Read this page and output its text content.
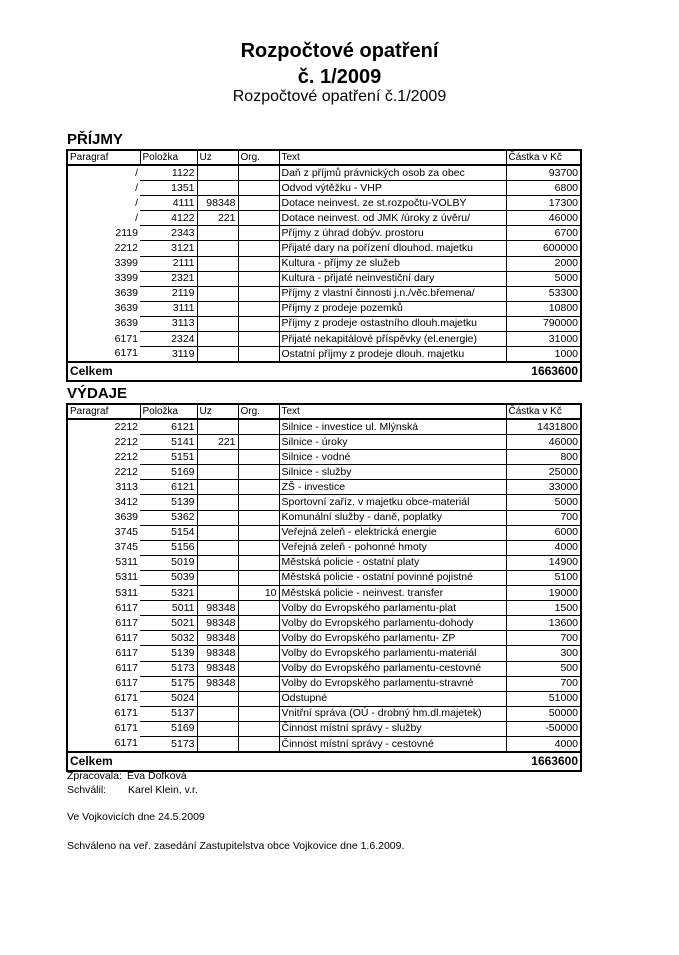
Rozpočtové opatření
č. 1/2009
Rozpočtové opatření č.1/2009
PŘÍJMY
Paragraf	Položka	Uz	Org.	Text	Částka v Kč
/	1122			Daň z příjmů právnických osob za obec	93700
/	1351			Odvod výtěžku - VHP	6800
/	4111	98348		Dotace neinvest. ze st.rozpočtu-VOLBY	17300
/	4122	221		Dotace neinvest. od JMK /úroky z úvěru/	46000
2119	2343			Příjmy z úhrad dobýv. prostoru	6700
2212	3121			Přijaté dary na pořízení dlouhod. majetku	600000
3399	2111			Kultura - příjmy ze služeb	2000
3399	2321			Kultura - přijaté neinvestiční dary	5000
3639	2119			Příjmy z vlastní činnosti j.n./věc.břemena/	53300
3639	3111			Příjmy z prodeje pozemků	10800
3639	3113			Příjmy z prodeje ostastního dlouh.majetku	790000
6171	2324			Přijaté nekapitálové příspěvky (el.energie)	31000
6171	3119			Ostatní příjmy z prodeje dlouh. majetku	1000
Celkem					1663600
VÝDAJE
Paragraf	Položka	Uz	Org.	Text	Částka v Kč
2212	6121			Silnice - investice ul. Mlýnská	1431800
2212	5141	221		Silnice - úroky	46000
2212	5151			Silnice - vodné	800
2212	5169			Silnice - služby	25000
3113	6121			ZŠ - investice	33000
3412	5139			Sportovní zaříz. v majetku obce-materiál	5000
3639	5362			Komunální služby - daně, poplatky	700
3745	5154			Veřejná zeleň - elektrická energie	6000
3745	5156			Veřejná zeleň - pohonné hmoty	4000
5311	5019			Městská policie - ostatní platy	14900
5311	5039			Městská policie - ostatní povinné pojistné	5100
5311	5321		10	Městská policie - neinvest. transfer	19000
6117	5011	98348		Volby do Evropského parlamentu-plat	1500
6117	5021	98348		Volby do Evropského parlamentu-dohody	13600
6117	5032	98348		Volby do Evropského parlamentu- ZP	700
6117	5139	98348		Volby do Evropského parlamentu-materiál	300
6117	5173	98348		Volby do Evropského parlamentu-cestovné	500
6117	5175	98348		Volby do Evropského parlamentu-stravné	700
6171	5024			Odstupné	51000
6171	5137			Vnitřní správa (OÚ - drobný hm.dl.majetek)	50000
6171	5169			Činnost místní správy - služby	-50000
6171	5173			Činnost místní správy - cestovné	4000
Celkem					1663600
Zpracovala: Eva Dofková
Schválil: Karel Klein, v.r.
Ve Vojkovicích dne 24.5.2009
Schváleno na veř. zasedání Zastupitelstva obce Vojkovice dne 1.6.2009.
